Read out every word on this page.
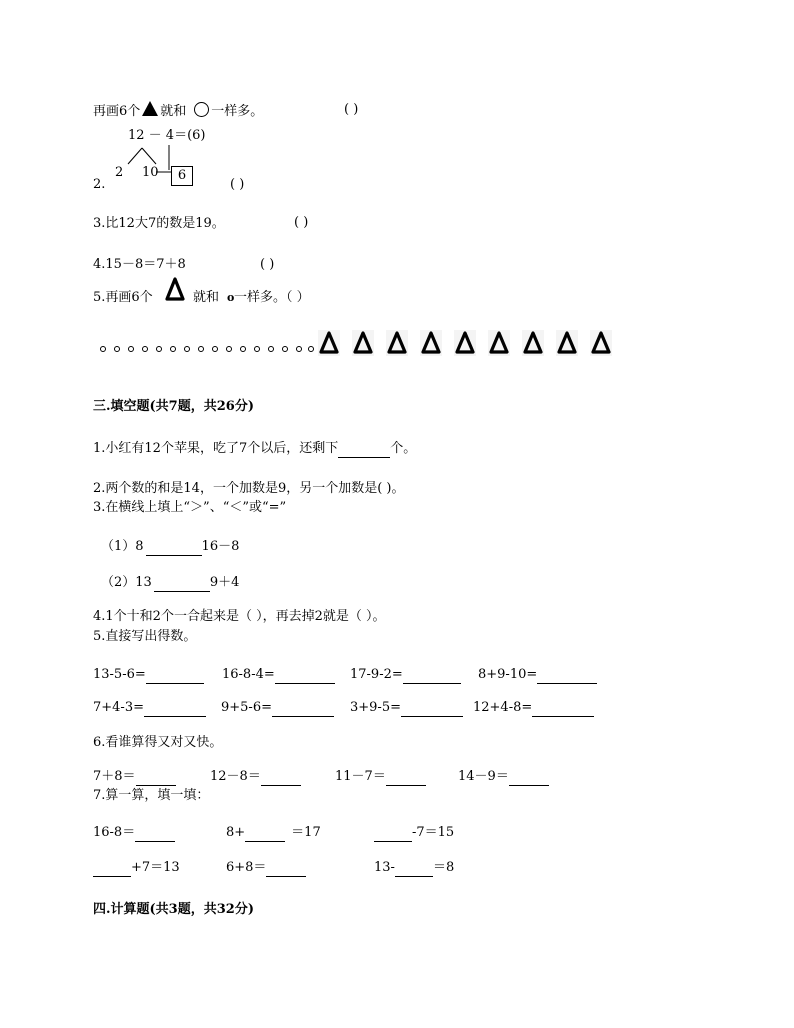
再画6个 就和 一样多。	( )
12 － 4＝(6)
2 10	6
2.	( )
3.比12大7的数是19。	( )
4.15－8＝7＋8	( )
5.再画6个	就和 o 一样多。（ ）
三.填空题(共7题，共26分)
1.小红有12个苹果，吃了7个以后，还剩下	个。
2.两个数的和是14，一个加数是9，另一个加数是( )。
3.在横线上填上“＞”、“＜”或“=”
（1）8	16－8
（2）13	9＋4
4.1个十和2个一合起来是（ ），再去掉2就是（ ）。
5.直接写出得数。
13-5-6=	16-8-4=	17-9-2=	8+9-10=
7+4-3=	9+5-6=	3+9-5=	12+4-8=
6.看谁算得又对又快。
7＋8＝	12－8＝	11－7＝	14－9＝
7.算一算，填一填：
16-8＝	8+	＝17	-7＝15
+7＝13	6+8＝	13-	＝8
四.计算题(共3题，共32分)
